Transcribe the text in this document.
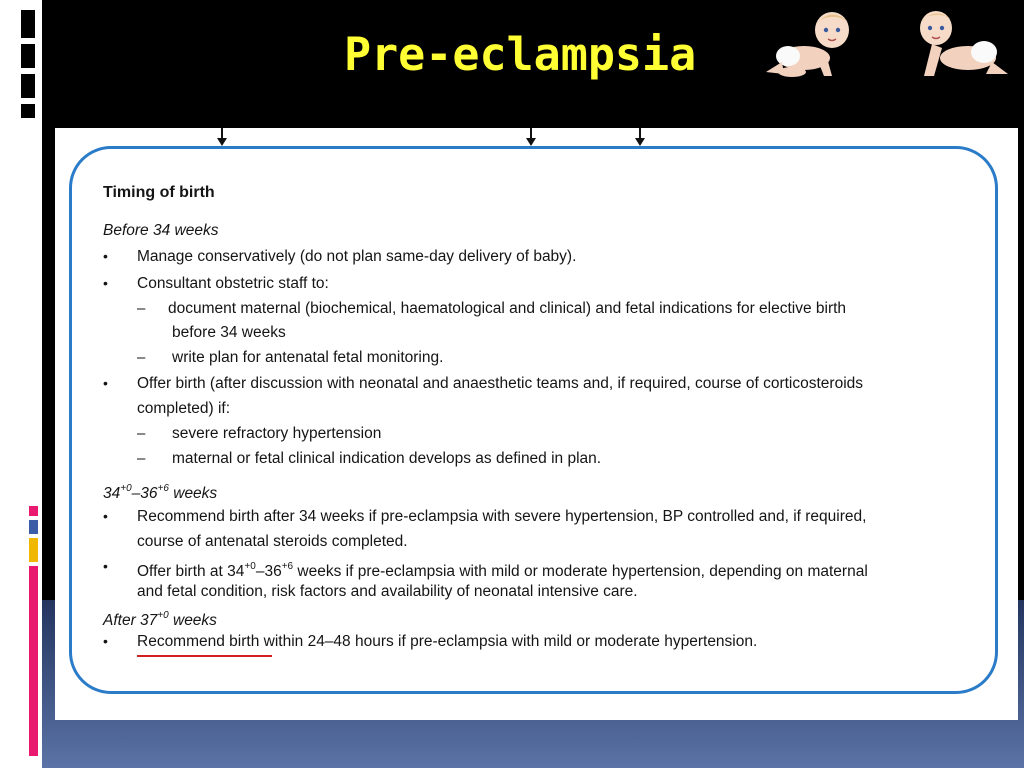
Pre-eclampsia
Timing of birth
Before 34 weeks
• Manage conservatively (do not plan same-day delivery of baby).
• Consultant obstetric staff to:
– document maternal (biochemical, haematological and clinical) and fetal indications for elective birth
before 34 weeks
– write plan for antenatal fetal monitoring.
• Offer birth (after discussion with neonatal and anaesthetic teams and, if required, course of corticosteroids
completed) if:
– severe refractory hypertension
– maternal or fetal clinical indication develops as defined in plan.
$34^{+0}-36^{+6}$ weeks
• Recommend birth after 34 weeks if pre-eclampsia with severe hypertension, BP controlled and, if required,
course of antenatal steroids completed.
• Offer birth at $34^{+0}-36^{+6}$ weeks if pre-eclampsia with mild or moderate hypertension, depending on maternal
and fetal condition, risk factors and availability of neonatal intensive care.
After $37^{+0}$ weeks
• Recommend birth within 24–48 hours if pre-eclampsia with mild or moderate hypertension.
